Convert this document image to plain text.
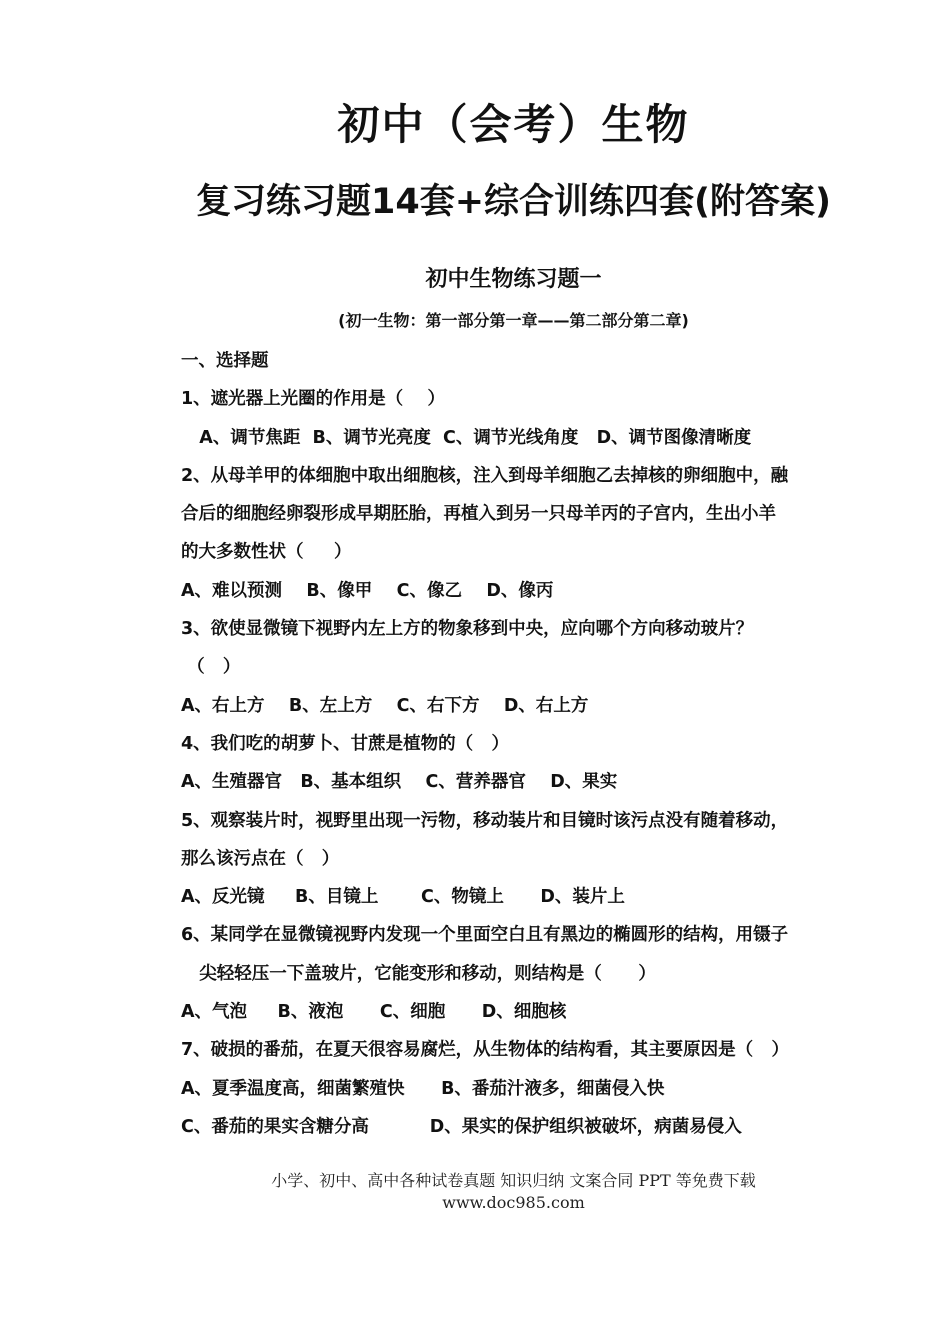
初中（会考）生物
复习练习题14套+综合训练四套(附答案)
初中生物练习题一
(初一生物：第一部分第一章——第二部分第二章)
一、选择题
1、遮光器上光圈的作用是（    ）
A、调节焦距  B、调节光亮度  C、调节光线角度   D、调节图像清晰度
2、从母羊甲的体细胞中取出细胞核，注入到母羊细胞乙去掉核的卵细胞中，融
合后的细胞经卵裂形成早期胚胎，再植入到另一只母羊丙的子宫内，生出小羊
的大多数性状（     ）
A、难以预测    B、像甲    C、像乙    D、像丙
3、欲使显微镜下视野内左上方的物象移到中央，应向哪个方向移动玻片？
（   ）
A、右上方    B、左上方    C、右下方    D、右上方
4、我们吃的胡萝卜、甘蔗是植物的（   ）
A、生殖器官   B、基本组织    C、营养器官    D、果实
5、观察装片时，视野里出现一污物，移动装片和目镜时该污点没有随着移动，
那么该污点在（   ）
A、反光镜     B、目镜上       C、物镜上      D、装片上
6、某同学在显微镜视野内发现一个里面空白且有黑边的椭圆形的结构，用镊子
尖轻轻压一下盖玻片，它能变形和移动，则结构是（      ）
A、气泡     B、液泡      C、细胞      D、细胞核
7、破损的番茄，在夏天很容易腐烂，从生物体的结构看，其主要原因是（   ）
A、夏季温度高，细菌繁殖快      B、番茄汁液多，细菌侵入快
C、番茄的果实含糖分高          D、果实的保护组织被破坏，病菌易侵入
小学、初中、高中各种试卷真题 知识归纳 文案合同 PPT 等免费下载
www.doc985.com
